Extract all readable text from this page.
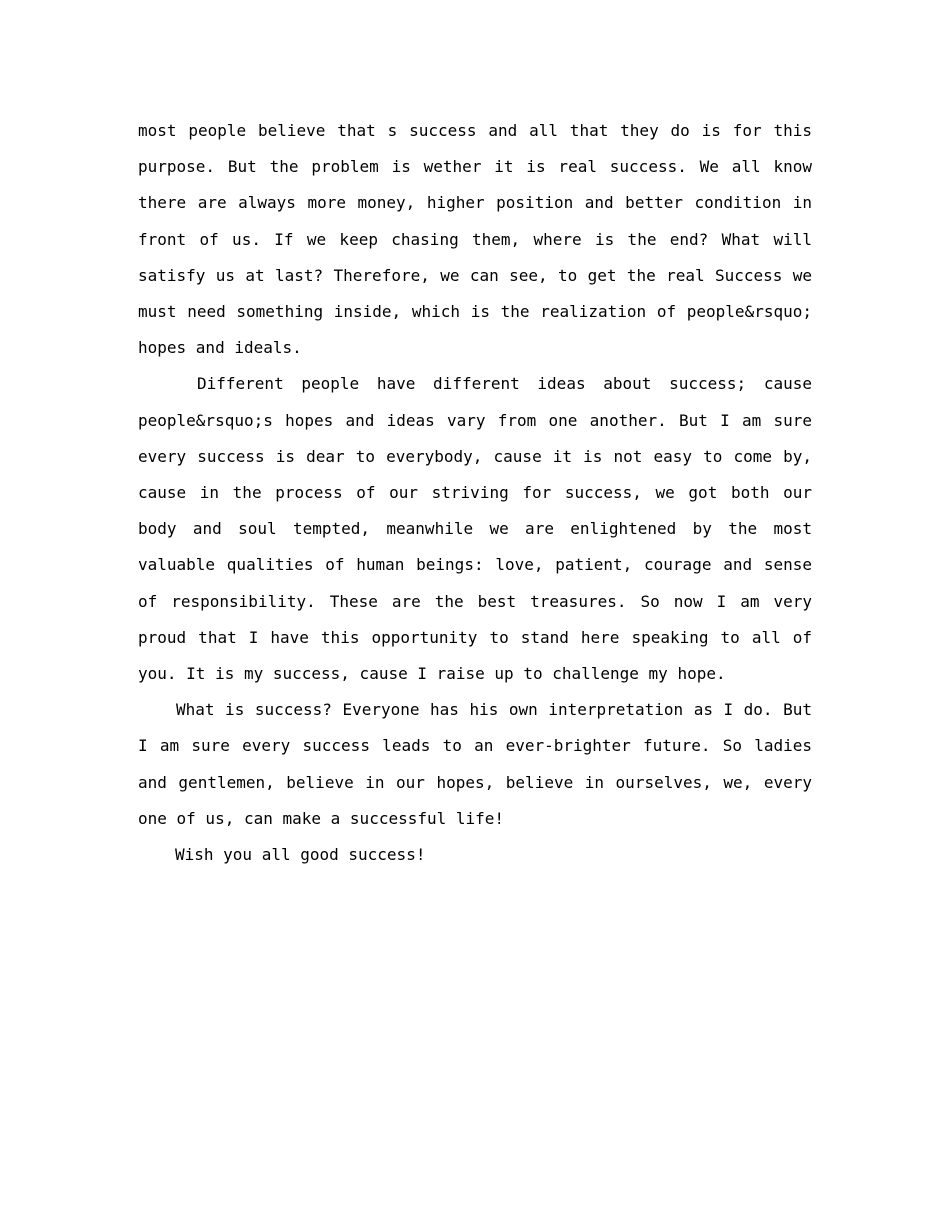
most people believe that s success and all that they do is for this purpose. But the problem is wether it is real success. We all know there are always more money, higher position and better condition in front of us. If we keep chasing them, where is the end? What will satisfy us at last? Therefore, we can see, to get the real Success we must need something inside, which is the realization of people&rsquo; hopes and ideals.

Different people have different ideas about success; cause people&rsquo;s hopes and ideas vary from one another. But I am sure every success is dear to everybody, cause it is not easy to come by, cause in the process of our striving for success, we got both our body and soul tempted, meanwhile we are enlightened by the most valuable qualities of human beings: love, patient, courage and sense of responsibility. These are the best treasures. So now I am very proud that I have this opportunity to stand here speaking to all of you. It is my success, cause I raise up to challenge my hope.

What is success? Everyone has his own interpretation as I do. But I am sure every success leads to an ever-brighter future. So ladies and gentlemen, believe in our hopes, believe in ourselves, we, every one of us, can make a successful life!

Wish you all good success!
